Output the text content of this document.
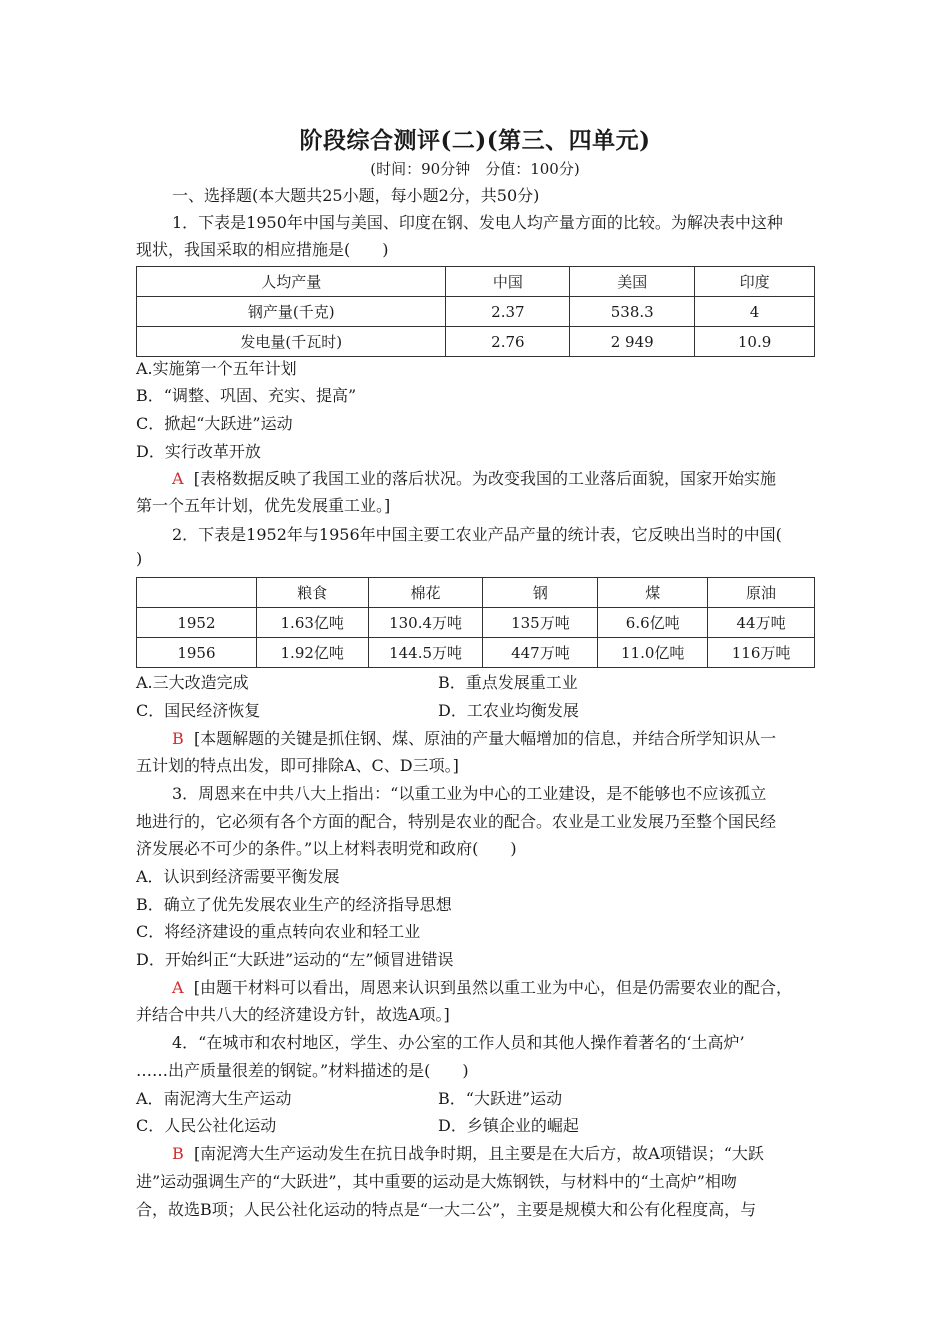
阶段综合测评(二)(第三、四单元)
(时间：90分钟　分值：100分)
一、选择题(本大题共25小题，每小题2分，共50分)
1．下表是1950年中国与美国、印度在钢、发电人均产量方面的比较。为解决表中这种
现状，我国采取的相应措施是(　　)
人均产量	中国	美国	印度
钢产量(千克)	2.37	538.3	4
发电量(千瓦时)	2.76	2 949	10.9
A.实施第一个五年计划
B．“调整、巩固、充实、提高”
C．掀起“大跃进”运动
D．实行改革开放
A [表格数据反映了我国工业的落后状况。为改变我国的工业落后面貌，国家开始实施
第一个五年计划，优先发展重工业。]
2．下表是1952年与1956年中国主要工农业产品产量的统计表，它反映出当时的中国(
)
	粮食	棉花	钢	煤	原油
1952	1.63亿吨	130.4万吨	135万吨	6.6亿吨	44万吨
1956	1.92亿吨	144.5万吨	447万吨	11.0亿吨	116万吨
A.三大改造完成	B．重点发展重工业
C．国民经济恢复	D．工农业均衡发展
B [本题解题的关键是抓住钢、煤、原油的产量大幅增加的信息，并结合所学知识从一
五计划的特点出发，即可排除A、C、D三项。]
3．周恩来在中共八大上指出：“以重工业为中心的工业建设，是不能够也不应该孤立
地进行的，它必须有各个方面的配合，特别是农业的配合。农业是工业发展乃至整个国民经
济发展必不可少的条件。”以上材料表明党和政府(　　)
A．认识到经济需要平衡发展
B．确立了优先发展农业生产的经济指导思想
C．将经济建设的重点转向农业和轻工业
D．开始纠正“大跃进”运动的“左”倾冒进错误
A [由题干材料可以看出，周恩来认识到虽然以重工业为中心，但是仍需要农业的配合，
并结合中共八大的经济建设方针，故选A项。]
4．“在城市和农村地区，学生、办公室的工作人员和其他人操作着著名的‘土高炉’
……出产质量很差的钢锭。”材料描述的是(　　)
A．南泥湾大生产运动	B．“大跃进”运动
C．人民公社化运动	D．乡镇企业的崛起
B [南泥湾大生产运动发生在抗日战争时期，且主要是在大后方，故A项错误；“大跃
进”运动强调生产的“大跃进”，其中重要的运动是大炼钢铁，与材料中的“土高炉”相吻
合，故选B项；人民公社化运动的特点是“一大二公”，主要是规模大和公有化程度高，与
